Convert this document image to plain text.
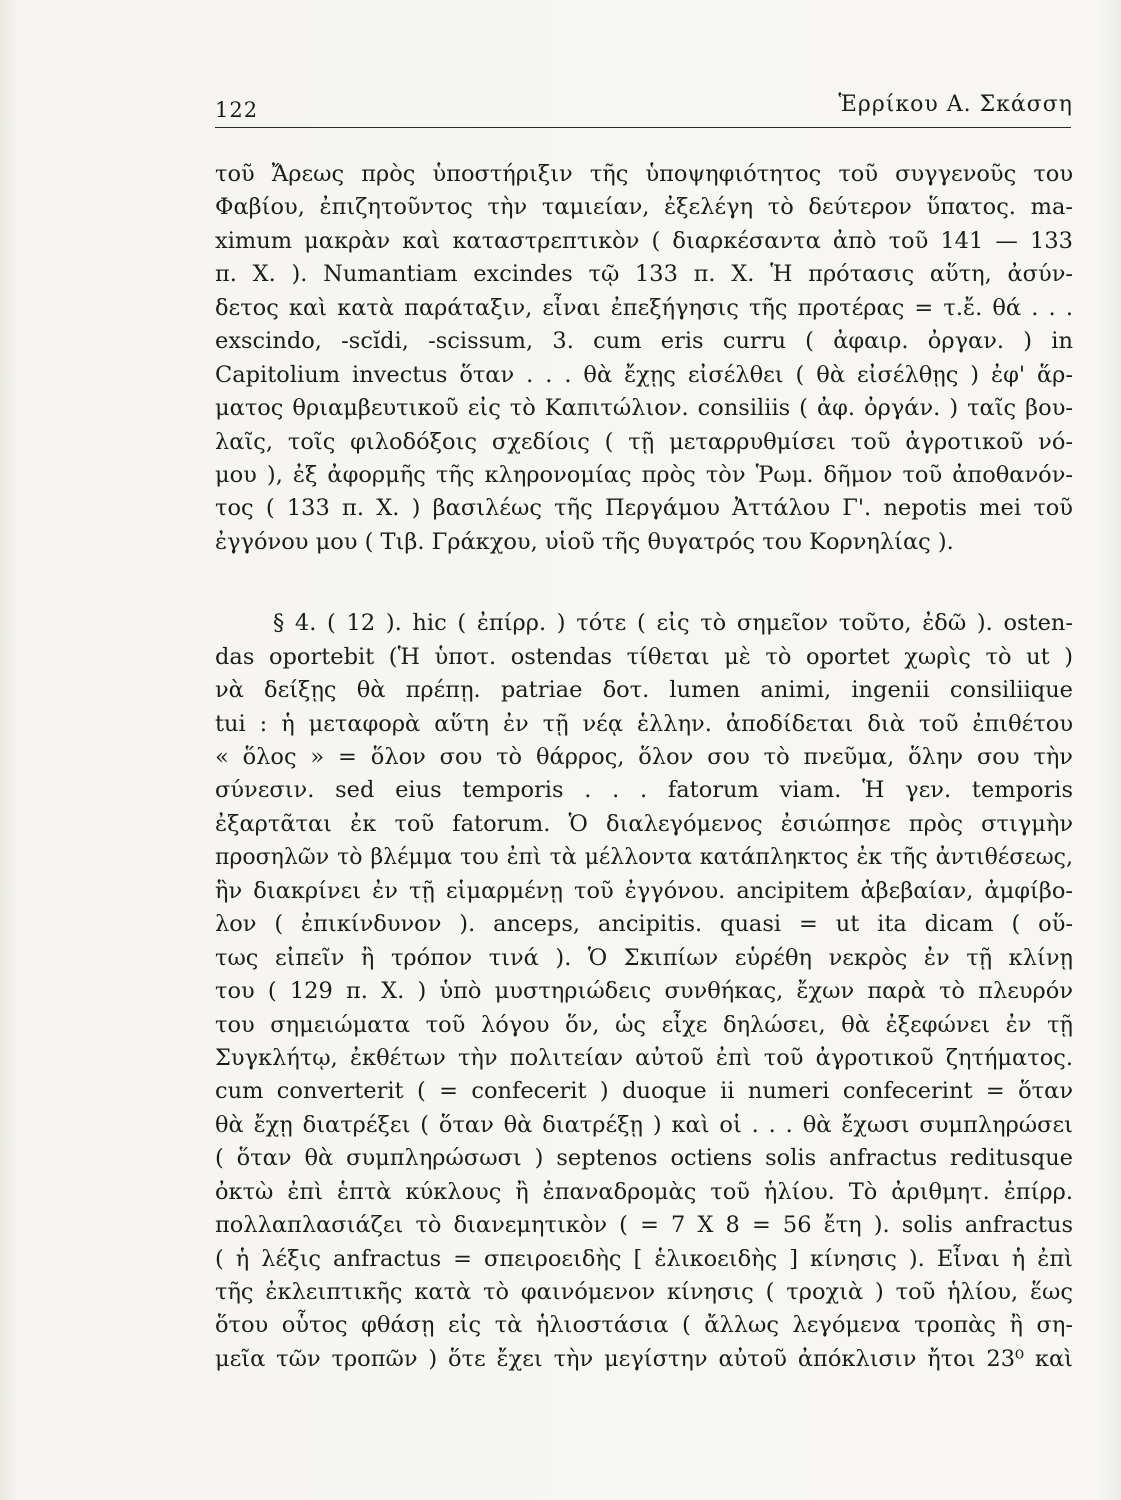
122	Ἑρρίκου Α. Σκάσση
τοῦ Ἄρεως πρὸς ὑποστήριξιν τῆς ὑποψηφιότητος τοῦ συγγενοῦς του
Φαβίου, ἐπιζητοῦντος τὴν ταμιείαν, ἐξελέγη τὸ δεύτερον ὕπατος. ma-
ximum μακρὰν καὶ καταστρεπτικὸν ( διαρκέσαντα ἀπὸ τοῦ 141 — 133
π. Χ. ). Numantiam excindes τῷ 133 π. Χ. Ἡ πρότασις αὕτη, ἀσύν-
δετος καὶ κατὰ παράταξιν, εἶναι ἐπεξήγησις τῆς προτέρας = τ.ἔ. θά . . .
exscindo, -scĭdi, -scissum, 3. cum eris curru ( ἀφαιρ. ὀργαν. ) in
Capitolium invectus ὅταν . . . θὰ ἔχῃς εἰσέλθει ( θὰ εἰσέλθῃς ) ἐφ' ἅρ-
ματος θριαμβευτικοῦ εἰς τὸ Καπιτώλιον. consiliis ( ἀφ. ὀργάν. ) ταῖς βου-
λαῖς, τοῖς φιλοδόξοις σχεδίοις ( τῇ μεταρρυθμίσει τοῦ ἀγροτικοῦ νό-
μου ), ἐξ ἀφορμῆς τῆς κληρονομίας πρὸς τὸν Ῥωμ. δῆμον τοῦ ἀποθανόν-
τος ( 133 π. Χ. ) βασιλέως τῆς Περγάμου Ἀττάλου Γ'. nepotis mei τοῦ
ἐγγόνου μου ( Τιβ. Γράκχου, υἱοῦ τῆς θυγατρός του Κορνηλίας ).
§ 4. ( 12 ). hic ( ἐπίρρ. ) τότε ( εἰς τὸ σημεῖον τοῦτο, ἐδῶ ). osten-
das oportebit (Ἡ ὑποτ. ostendas τίθεται μὲ τὸ oportet χωρὶς τὸ ut )
νὰ δείξῃς θὰ πρέπῃ. patriae δοτ. lumen animi, ingenii consiliique
tui : ἡ μεταφορὰ αὕτη ἐν τῇ νέᾳ ἑλλην. ἀποδίδεται διὰ τοῦ ἐπιθέτου
« ὅλος » = ὅλον σου τὸ θάρρος, ὅλον σου τὸ πνεῦμα, ὅλην σου τὴν
σύνεσιν. sed eius temporis . . . fatorum viam. Ἡ γεν. temporis
ἐξαρτᾶται ἐκ τοῦ fatorum. Ὁ διαλεγόμενος ἐσιώπησε πρὸς στιγμὴν
προσηλῶν τὸ βλέμμα του ἐπὶ τὰ μέλλοντα κατάπληκτος ἐκ τῆς ἀντιθέσεως,
ἣν διακρίνει ἐν τῇ εἱμαρμένῃ τοῦ ἐγγόνου. ancipitem ἀβεβαίαν, ἀμφίβο-
λον ( ἐπικίνδυνον ). anceps, ancipitis. quasi = ut ita dicam ( οὕ-
τως εἰπεῖν ἢ τρόπον τινά ). Ὁ Σκιπίων εὑρέθη νεκρὸς ἐν τῇ κλίνῃ
του ( 129 π. Χ. ) ὑπὸ μυστηριώδεις συνθήκας, ἔχων παρὰ τὸ πλευρόν
του σημειώματα τοῦ λόγου ὅν, ὡς εἶχε δηλώσει, θὰ ἐξεφώνει ἐν τῇ
Συγκλήτῳ, ἐκθέτων τὴν πολιτείαν αὐτοῦ ἐπὶ τοῦ ἀγροτικοῦ ζητήματος.
cum converterit ( = confecerit ) duoque ii numeri confecerint = ὅταν
θὰ ἔχῃ διατρέξει ( ὅταν θὰ διατρέξῃ ) καὶ οἱ . . . θὰ ἔχωσι συμπληρώσει
( ὅταν θὰ συμπληρώσωσι ) septenos octiens solis anfractus reditusque
ὀκτὼ ἐπὶ ἑπτὰ κύκλους ἢ ἐπαναδρομὰς τοῦ ἡλίου. Τὸ ἀριθμητ. ἐπίρρ.
πολλαπλασιάζει τὸ διανεμητικὸν ( = 7 Χ 8 = 56 ἔτη ). solis anfractus
( ἡ λέξις anfractus = σπειροειδὴς [ ἑλικοειδὴς ] κίνησις ). Εἶναι ἡ ἐπὶ
τῆς ἐκλειπτικῆς κατὰ τὸ φαινόμενον κίνησις ( τροχιὰ ) τοῦ ἡλίου, ἕως
ὅτου οὗτος φθάσῃ εἰς τὰ ἡλιοστάσια ( ἄλλως λεγόμενα τροπὰς ἢ ση-
μεῖα τῶν τροπῶν ) ὅτε ἔχει τὴν μεγίστην αὐτοῦ ἀπόκλισιν ἤτοι 23⁰ καὶ
